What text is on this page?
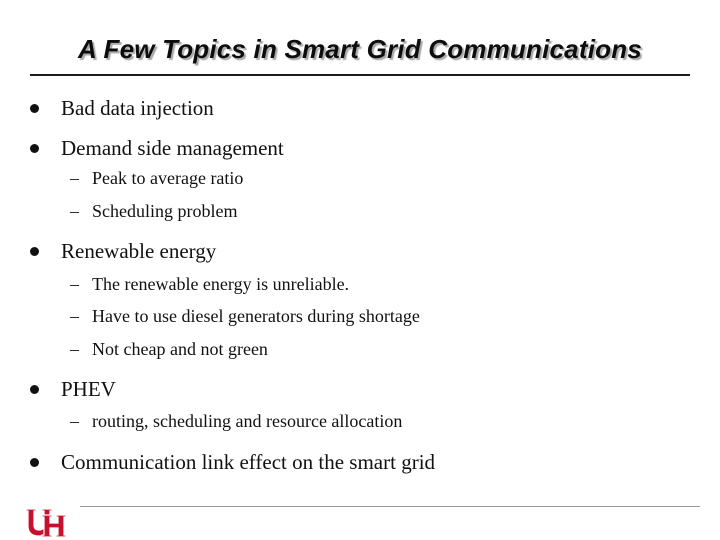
A Few Topics in Smart Grid Communications
Bad data injection
Demand side management
– Peak to average ratio
– Scheduling problem
Renewable energy
– The renewable energy is unreliable.
– Have to use diesel generators during shortage
– Not cheap and not green
PHEV
– routing, scheduling and resource allocation
Communication link effect on the smart grid
